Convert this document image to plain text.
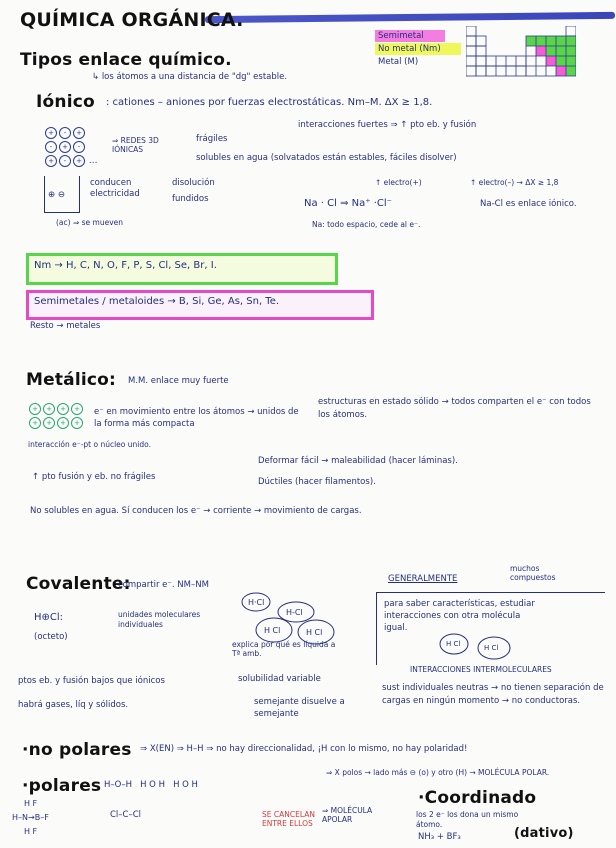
QUÍMICA ORGÁNICA.
Tipos enlace químico.
↳ los átomos a una distancia de "dg" estable.
Semimetal
No metal (Nm)
Metal (M)
Iónico : cationes – aniones por fuerzas electrostáticas. Nm–M. ΔX ≥ 1,8.
interacciones fuertes ⇒ ↑ pto eb. y fusión
+ - +
- + -
+ - + ...
⇒ REDES 3D IÓNICAS
frágiles
solubles en agua (solvatados están estables, fáciles disolver)
⊕ ⊖
conducen electricidad
disolución
fundidos
(ac) ⇒ se mueven
↑ electro(+)	↑ electro(–) → ΔX ≥ 1,8
Na · Cl ⇒ Na⁺ ·Cl⁻	Na-Cl es enlace iónico.
Na: todo espacio, cede al e⁻.
Nm → H, C, N, O, F, P, S, Cl, Se, Br, I.
Semimetales / metaloides → B, Si, Ge, As, Sn, Te.
Resto → metales
Metálico: M.M. enlace muy fuerte
+ + + +
+ + + +
e⁻ en movimiento entre los átomos → unidos de la forma más compacta
estructuras en estado sólido → todos comparten el e⁻ con todos los átomos.
interacción e⁻-pt o núcleo unido.
↑ pto fusión y eb. no frágiles
Deformar fácil → maleabilidad (hacer láminas).
Dúctiles (hacer filamentos).
No solubles en agua. Sí conducen los e⁻ → corriente → movimiento de cargas.
Covalente:
compartir e⁻. NM–NM
GENERALMENTE
muchos compuestos
H⊕Cl:
(octeto)
unidades moleculares individuales
H·Cl
H-Cl
H Cl	H Cl
explica por qué es líquida a Tª amb.
para saber características, estudiar interacciones con otra molécula igual.
H Cl	H Cl
INTERACCIONES INTERMOLECULARES
ptos eb. y fusión bajos que iónicos
habrá gases, líq y sólidos.
solubilidad variable
semejante disuelve a semejante
sust individuales neutras → no tienen separación de cargas en ningún momento → no conductoras.
·no polares ⇒ X(EN) ⇒ H–H ⇒ no hay direccionalidad, ¡H con lo mismo, no hay polaridad!
·polares H–O–H   H O H   H O H
⇒ X polos → lado más ⊖ (o) y otro (H) → MOLÉCULA POLAR.
H F
H–N→B–F
H F
Cl–C–Cl	SE CANCELAN ENTRE ELLOS
⇒ MOLÉCULA APOLAR
·Coordinado
los 2 e⁻ los dona un mismo átomo.
NH₃ + BF₃	(dativo)
